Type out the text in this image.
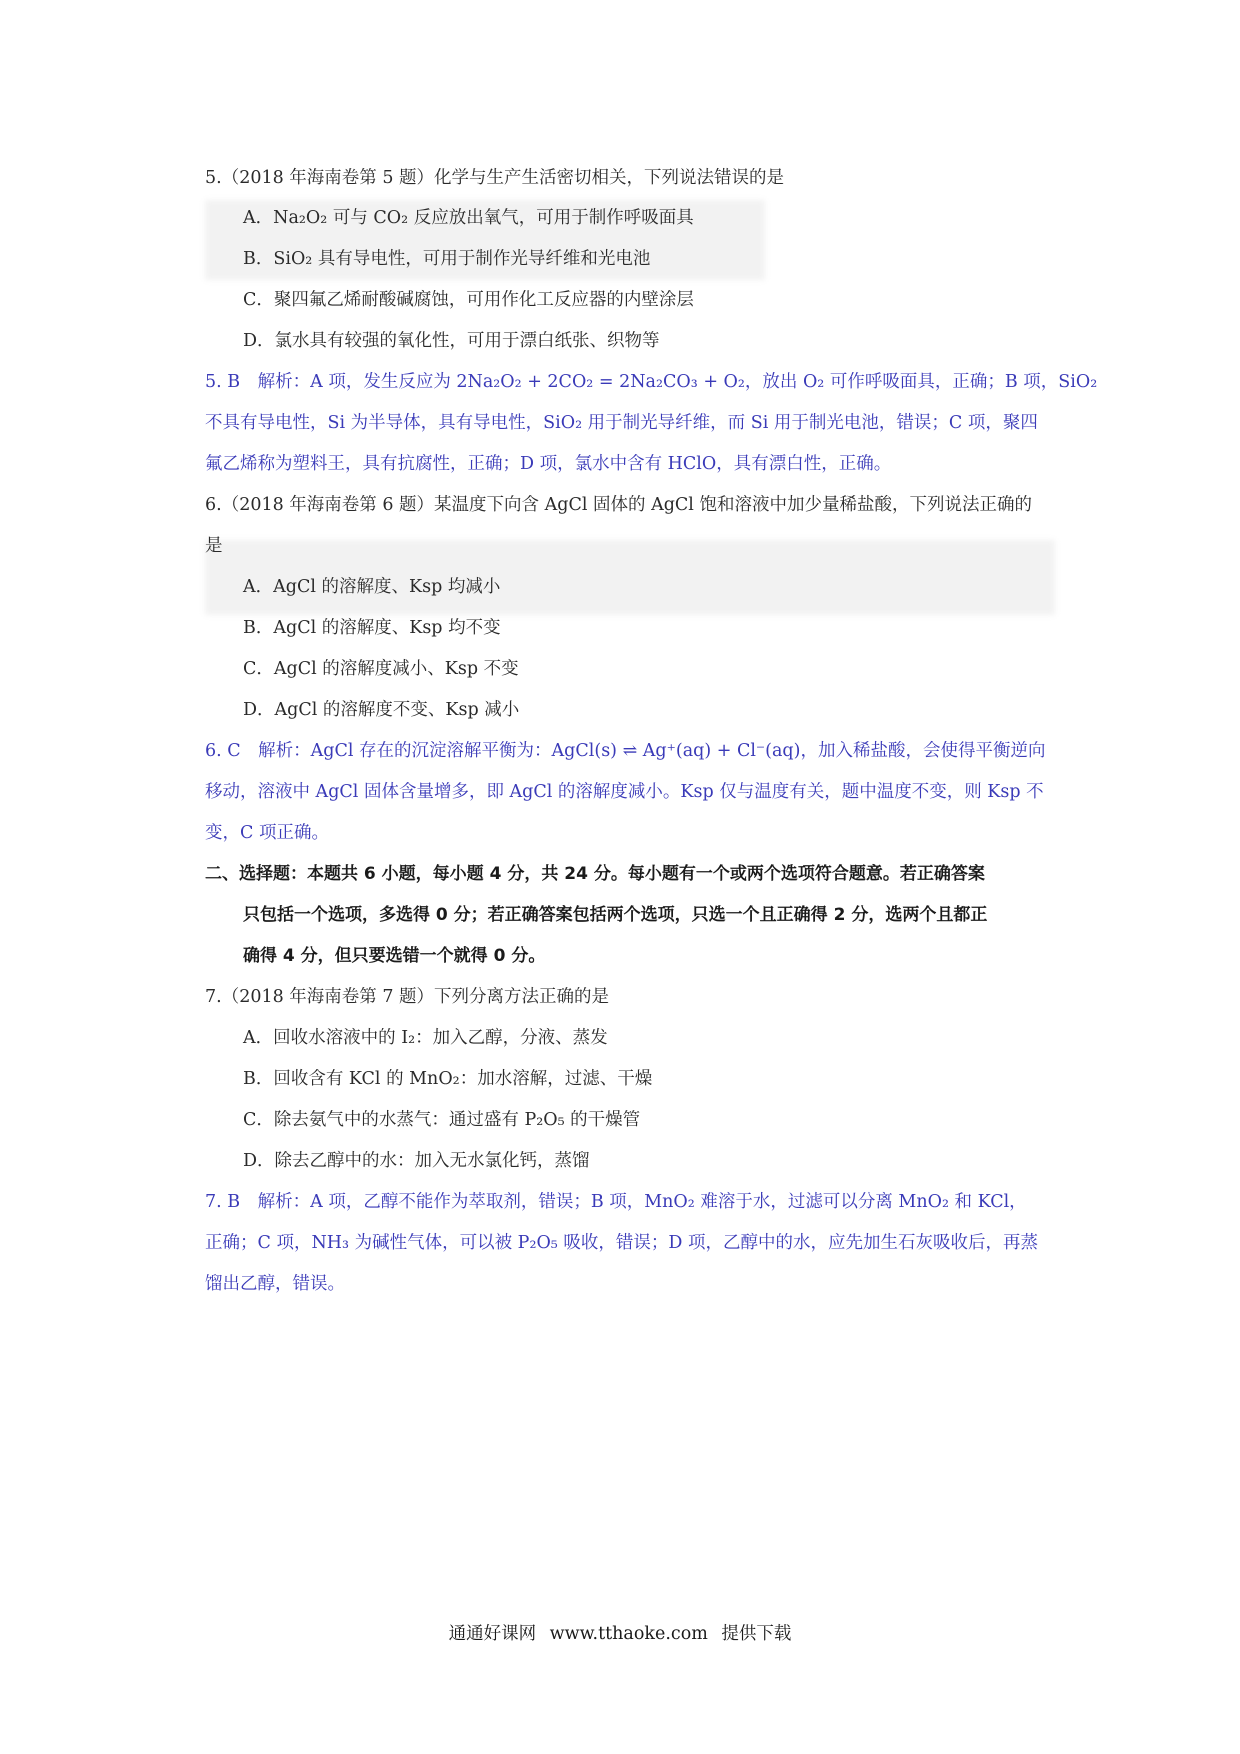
5.（2018 年海南卷第 5 题）化学与生产生活密切相关，下列说法错误的是
A．Na₂O₂ 可与 CO₂ 反应放出氧气，可用于制作呼吸面具
B．SiO₂ 具有导电性，可用于制作光导纤维和光电池
C．聚四氟乙烯耐酸碱腐蚀，可用作化工反应器的内壁涂层
D．氯水具有较强的氧化性，可用于漂白纸张、织物等
5. B　解析：A 项，发生反应为 2Na₂O₂ + 2CO₂ = 2Na₂CO₃ + O₂，放出 O₂ 可作呼吸面具，正确；B 项，SiO₂
不具有导电性，Si 为半导体，具有导电性，SiO₂ 用于制光导纤维，而 Si 用于制光电池，错误；C 项，聚四
氟乙烯称为塑料王，具有抗腐性，正确；D 项，氯水中含有 HClO，具有漂白性，正确。
6.（2018 年海南卷第 6 题）某温度下向含 AgCl 固体的 AgCl 饱和溶液中加少量稀盐酸，下列说法正确的
是
A．AgCl 的溶解度、Ksp 均减小
B．AgCl 的溶解度、Ksp 均不变
C．AgCl 的溶解度减小、Ksp 不变
D．AgCl 的溶解度不变、Ksp 减小
6. C　解析：AgCl 存在的沉淀溶解平衡为：AgCl(s) ⇌ Ag⁺(aq) + Cl⁻(aq)，加入稀盐酸，会使得平衡逆向
移动，溶液中 AgCl 固体含量增多，即 AgCl 的溶解度减小。Ksp 仅与温度有关，题中温度不变，则 Ksp 不
变，C 项正确。
二、选择题：本题共 6 小题，每小题 4 分，共 24 分。每小题有一个或两个选项符合题意。若正确答案
只包括一个选项，多选得 0 分；若正确答案包括两个选项，只选一个且正确得 2 分，选两个且都正
确得 4 分，但只要选错一个就得 0 分。
7.（2018 年海南卷第 7 题）下列分离方法正确的是
A．回收水溶液中的 I₂：加入乙醇，分液、蒸发
B．回收含有 KCl 的 MnO₂：加水溶解，过滤、干燥
C．除去氨气中的水蒸气：通过盛有 P₂O₅ 的干燥管
D．除去乙醇中的水：加入无水氯化钙，蒸馏
7. B　解析：A 项，乙醇不能作为萃取剂，错误；B 项，MnO₂ 难溶于水，过滤可以分离 MnO₂ 和 KCl，
正确；C 项，NH₃ 为碱性气体，可以被 P₂O₅ 吸收，错误；D 项，乙醇中的水，应先加生石灰吸收后，再蒸
馏出乙醇，错误。
通通好课网 www.tthaoke.com 提供下载
